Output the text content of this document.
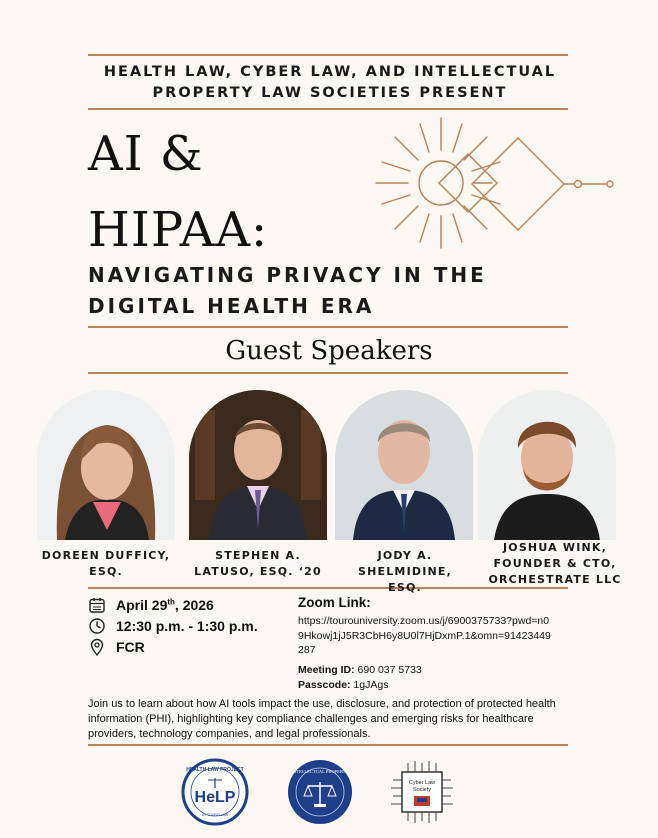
HEALTH LAW, CYBER LAW, AND INTELLECTUAL
PROPERTY LAW SOCIETIES PRESENT
AI &
HIPAA:
NAVIGATING PRIVACY IN THE
DIGITAL HEALTH ERA
Guest Speakers
DOREEN DUFFICY,
ESQ.
STEPHEN A.
LATUSO, ESQ. ‘20
JODY A. SHELMIDINE,
ESQ.
JOSHUA WINK,
FOUNDER & CTO,
ORCHESTRATE LLC
April 29th, 2026
12:30 p.m. - 1:30 p.m.
FCR
Zoom Link:
https://tourouniversity.zoom.us/j/6900375733?pwd=n09Hkowj1jJ5R3CbH6y8U0l7HjDxmP.1&omn=91423449287
Meeting ID: 690 037 5733
Passcode: 1gJAgs
Join us to learn about how AI tools impact the use, disclosure, and protection of protected health information (PHI), highlighting key compliance challenges and emerging risks for healthcare providers, technology companies, and legal professionals.
HEALTH LAW PROJECT
HeLP
AT TOURO LAW
INTELLECTUAL PROPERTY
Cyber Law
Society
